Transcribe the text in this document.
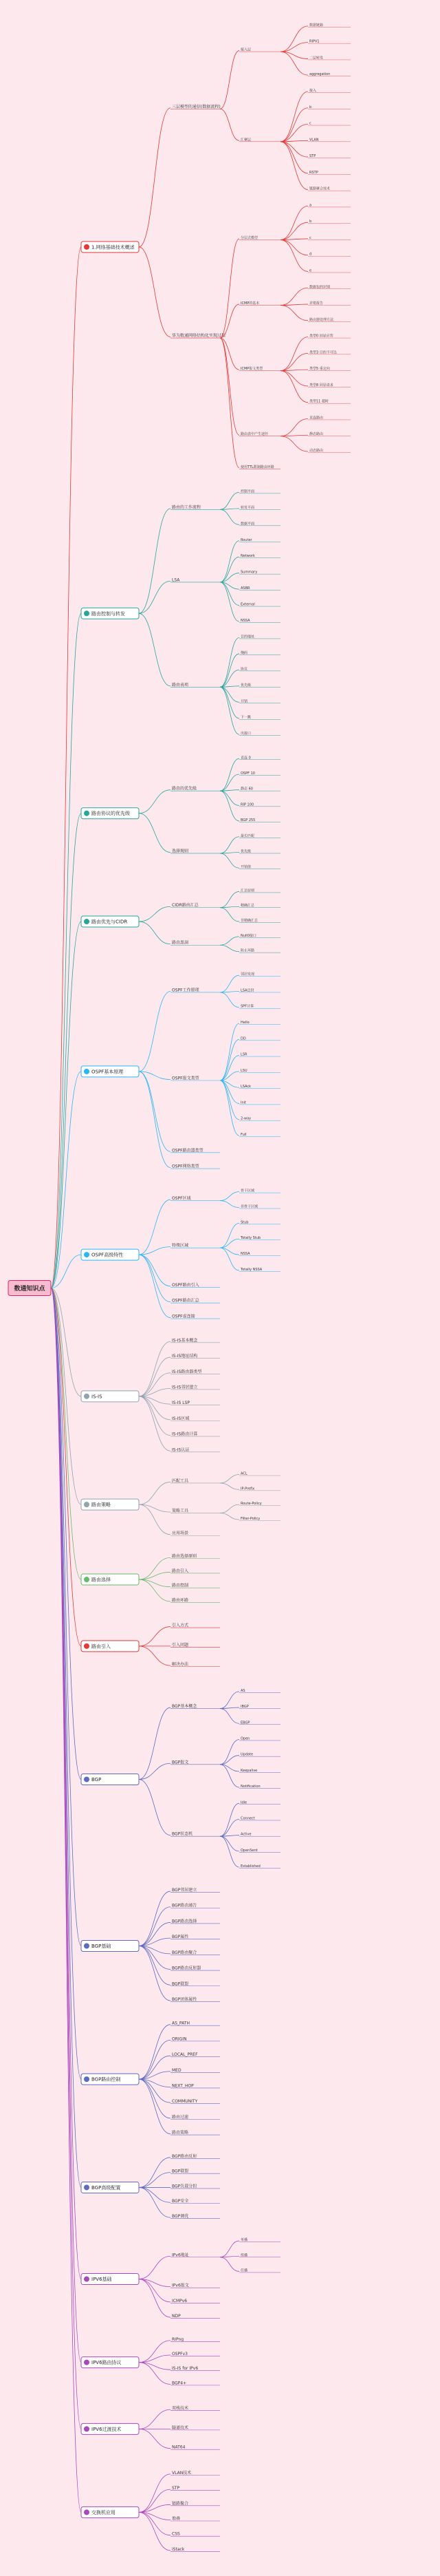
数通知识点
1.网络基础技术概述
三层模型的通信(数据流程)
接入层
数据链路
RIPV1
二层转发
aggregation
汇聚层
接入
b
c
VLAN
STP
RSTP
链路聚合技术
华为数通网络结构化实现过程
分层式模型
a
b
c
d
e
ICMP的基本
数据包的识别
差错报告
路由器处理方法
ICMP报文类型
类型0 回显应答
类型3 目的不可达
类型5 重定向
类型8 回显请求
类型11 超时
路由表中产生途径
直连路由
静态路由
动态路由
使用TTL限制路由环路
路由控制与转发
路由的工作流程
控制平面
转发平面
数据平面
LSA
Router
Network
Summary
ASBR
External
NSSA
路由表项
目的地址
掩码
协议
优先级
开销
下一跳
出接口
路由协议的优先级
路由的优先级
直连 0
OSPF 10
静态 60
RIP 100
BGP 255
选择规则
最长匹配
优先级
开销值
路由优先与CIDR
CIDR路由汇总
汇总原则
精确汇总
非精确汇总
路由黑洞
Null0接口
防止环路
OSPF基本原理
OSPF工作原理
邻居发现
LSA泛洪
SPF计算
OSPF报文类型
Hello
DD
LSR
LSU
LSAck
Init
2-way
Full
OSPF路由器类型
OSPF网络类型
OSPF高级特性
OSPF区域
骨干区域
非骨干区域
特殊区域
Stub
Totally Stub
NSSA
Totally NSSA
OSPF路由引入
OSPF路由汇总
OSPF虚连接
IS-IS
IS-IS基本概念
IS-IS地址结构
IS-IS路由器类型
IS-IS邻居建立
IS-IS LSP
IS-IS区域
IS-IS路由计算
IS-IS认证
路由策略
匹配工具
ACL
IP-Prefix
策略工具
Route-Policy
Filter-Policy
应用场景
路由选择
路由选择原则
路由引入
路由控制
路由环路
路由引入
引入方式
引入问题
解决办法
BGP
BGP基本概念
AS
IBGP
EBGP
BGP报文
Open
Update
Keepalive
Notification
BGP状态机
Idle
Connect
Active
OpenSent
Established
BGP基础
BGP邻居建立
BGP路由通告
BGP路由选择
BGP属性
BGP路由聚合
BGP路由反射器
BGP联盟
BGP团体属性
BGP路由控制
AS_PATH
ORIGIN
LOCAL_PREF
MED
NEXT_HOP
COMMUNITY
路由过滤
路由策略
BGP高级配置
BGP路由反射
BGP联盟
BGP负载分担
BGP安全
BGP调优
IPV6基础
IPv6地址
单播
组播
任播
IPv6报文
ICMPv6
NDP
IPV6路由协议
RIPng
OSPFv3
IS-IS for IPv6
BGP4+
IPV6过渡技术
双栈技术
隧道技术
NAT64
交换机应用
VLAN技术
STP
链路聚合
堆叠
CSS
iStack
